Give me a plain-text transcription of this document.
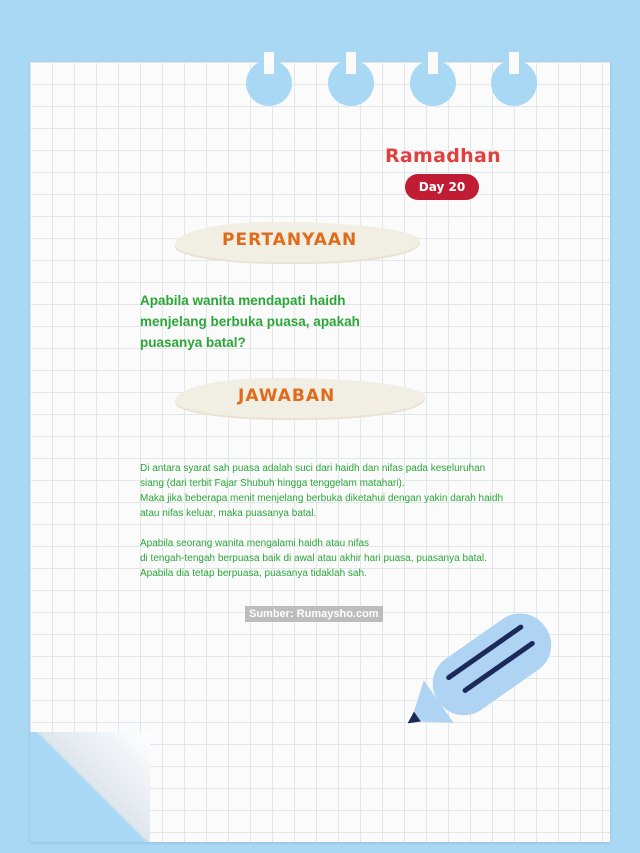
Ramadhan
Day 20
PERTANYAAN
Apabila wanita mendapati haidh menjelang berbuka puasa, apakah puasanya batal?
JAWABAN

Di antara syarat sah puasa adalah suci dari haidh dan nifas pada keseluruhan

siang (dari terbit Fajar Shubuh hingga tenggelam matahari).

Maka jika beberapa menit menjelang berbuka diketahui dengan yakin darah haidh

atau nifas keluar, maka puasanya batal.

Apabila seorang wanita mengalami haidh atau nifas

di tengah-tengah berpuasa baik di awal atau akhir hari puasa, puasanya batal.

Apabila dia tetap berpuasa, puasanya tidaklah sah.

Sumber: Rumaysho.com
